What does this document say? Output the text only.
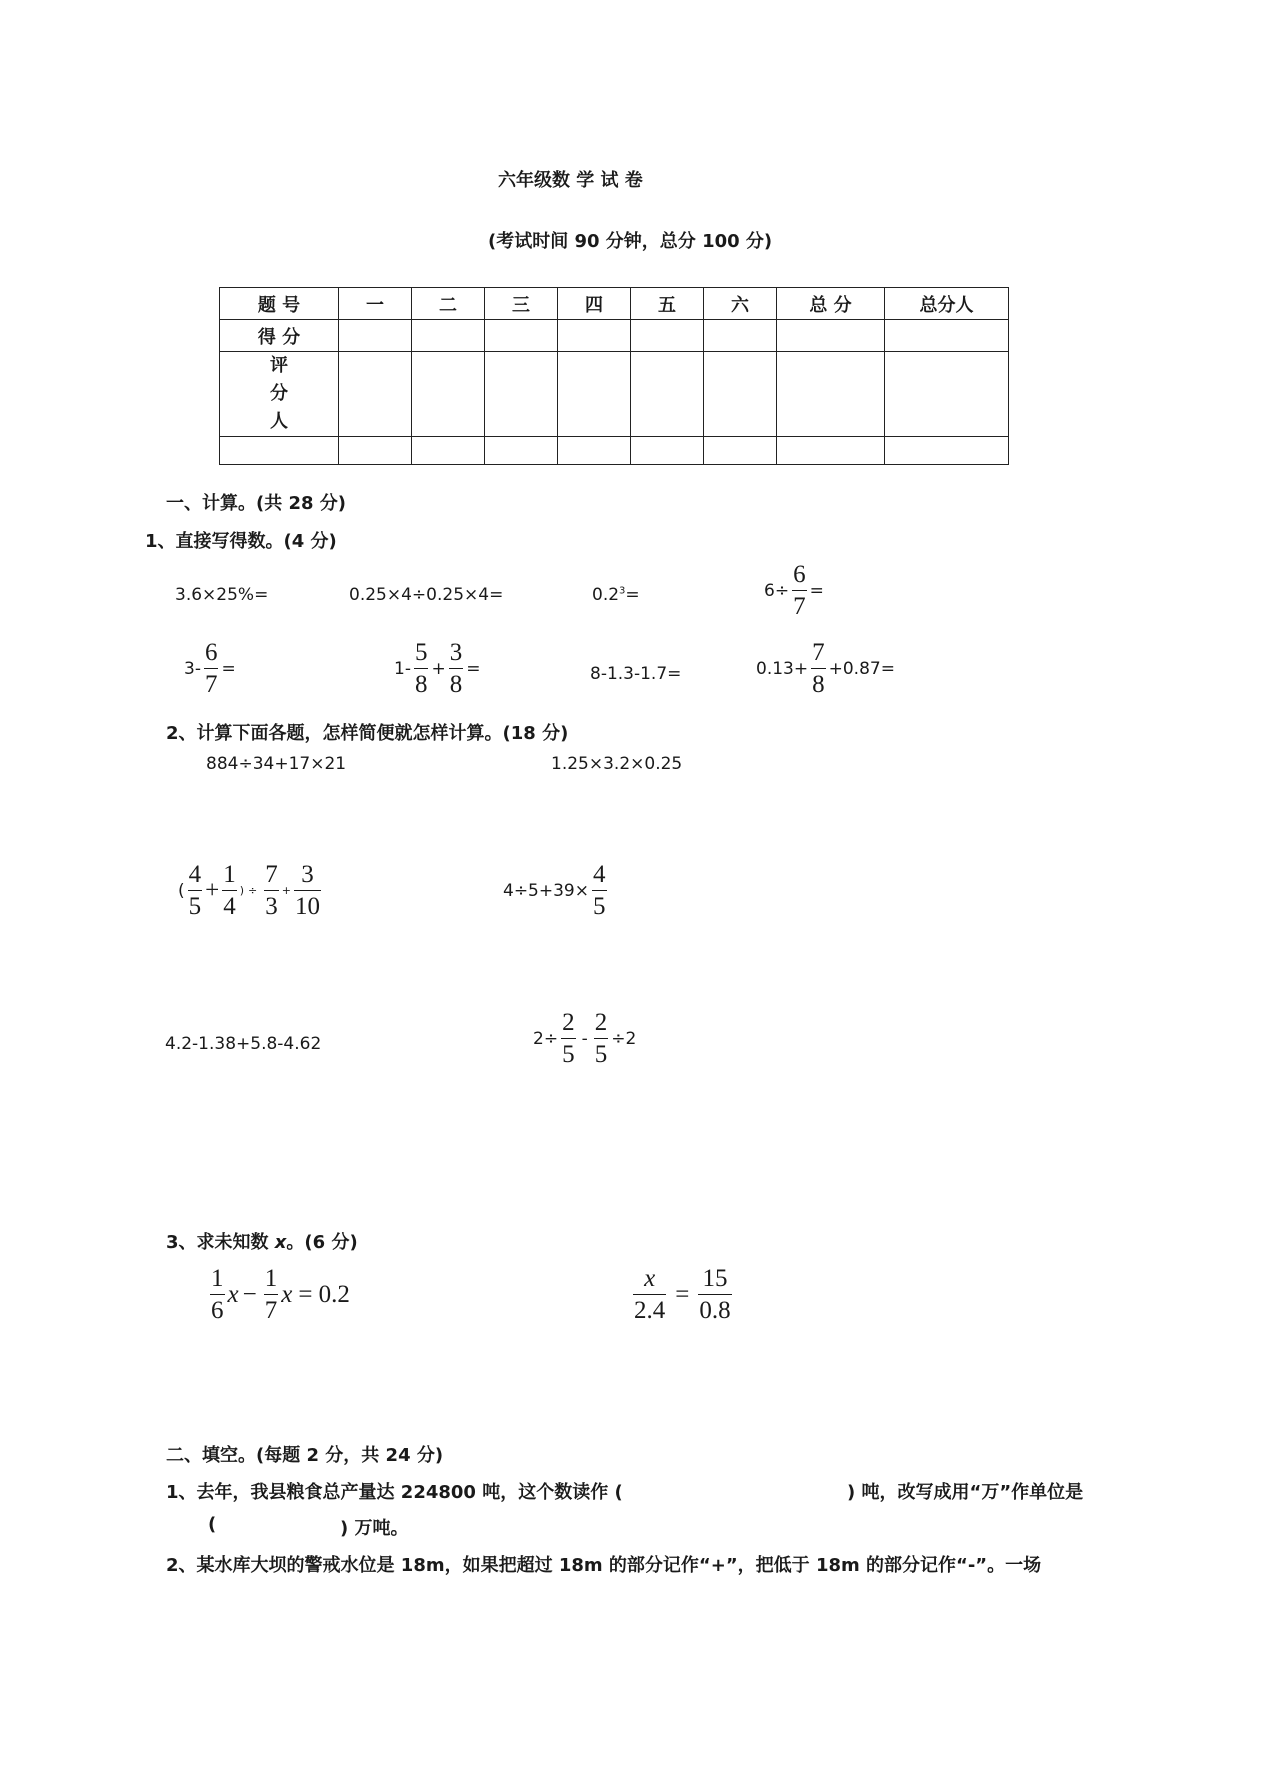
六年级数 学 试 卷
(考试时间 90 分钟，总分 100 分)
题 号	一	二	三	四	五	六	总 分	总分人
得 分								

评
分
人								

一、计算。(共 28 分)
1、直接写得数。(4 分)
3.6×25%=	0.25×4÷0.25×4=	$0.2^3=$	$6\div \frac{6}{7}$ =
$3- \frac{6}{7}$ =	$1- \frac{5}{8} + \frac{3}{8}$ =	8-1.3-1.7=	$0.13+ \frac{7}{8} +0.87=$
2、计算下面各题，怎样简便就怎样计算。(18 分)
884÷34+17×21	1.25×3.2×0.25
( $\frac{4}{5} + \frac{1}{4}$ ) ÷ $\frac{7}{3} + \frac{3}{10}$	$4\div 5+39\times \frac{4}{5}$
4.2-1.38+5.8-4.62	$2\div \frac{2}{5} - \frac{2}{5} \div 2$
3、求未知数 x。(6 分)
$\frac{1}{6}$ $x - \frac{1}{7}$ x = 0.2	$\frac{x}{2.4} = \frac{15}{0.8}$
二、填空。(每题 2 分，共 24 分)
1、去年，我县粮食总产量达 224800 吨，这个数读作 (	) 吨，改写成用“万”作单位是
(	) 万吨。
2、某水库大坝的警戒水位是 18m，如果把超过 18m 的部分记作“+”，把低于 18m 的部分记作“-”。一场
